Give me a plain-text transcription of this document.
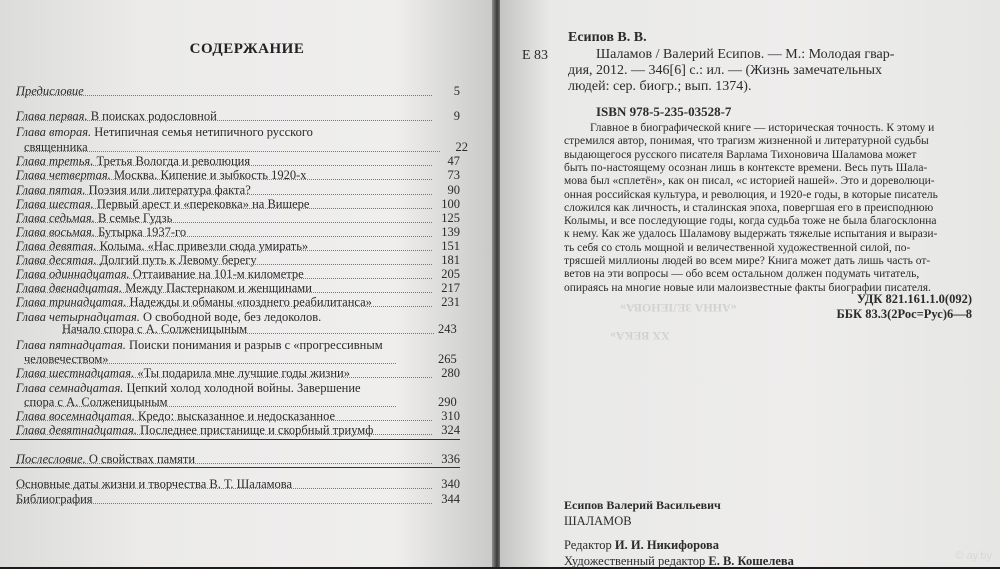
СОДЕРЖАНИЕ
Предисловие	5
Глава первая. В поисках родословной	9
Глава вторая. Нетипичная семья нетипичного русского
священника	22
Глава третья. Третья Вологда и революция	47
Глава четвертая. Москва. Кипение и зыбкость 1920-х	73
Глава пятая. Поэзия или литература факта?	90
Глава шестая. Первый арест и «перековка» на Вишере	100
Глава седьмая. В семье Гудзь	125
Глава восьмая. Бутырка 1937-го	139
Глава девятая. Колыма. «Нас привезли сюда умирать»	151
Глава десятая. Долгий путь к Левому берегу	181
Глава одиннадцатая. Оттаивание на 101-м километре	205
Глава двенадцатая. Между Пастернаком и женщинами	217
Глава тринадцатая. Надежды и обманы «позднего реабилитанса»	231
Глава четырнадцатая. О свободной воде, без ледоколов.
Начало спора с А. Солженицыным	243
Глава пятнадцатая. Поиски понимания и разрыв с «прогрессивным
человечеством»	265
Глава шестнадцатая. «Ты подарила мне лучшие годы жизни»	280
Глава семнадцатая. Цепкий холод холодной войны. Завершение
спора с А. Солженицыным	290
Глава восемнадцатая. Кредо: высказанное и недосказанное	310
Глава девятнадцатая. Последнее пристанище и скорбный триумф	324
Послесловие. О свойствах памяти	336
Основные даты жизни и творчества В. Т. Шаламова	340
Библиография	344
«АННА ЗЕЛЕНОВА»
ХХ ВЕКА»
Е 83
Есипов В. В.
Шаламов / Валерий Есипов. — М.: Молодая гвар-
дия, 2012. — 346[6] с.: ил. — (Жизнь замечательных
людей: сер. биогр.; вып. 1374).
ISBN 978-5-235-03528-7
Главное в биографической книге — историческая точность. К этому и
стремился автор, понимая, что трагизм жизненной и литературной судьбы
выдающегося русского писателя Варлама Тихоновича Шаламова может
быть по-настоящему осознан лишь в контексте времени. Весь путь Шала-
мова был «сплетён», как он писал, «с историей нашей». Это и дореволюци-
онная российская культура, и революция, и 1920-е годы, в которые писатель
сложился как личность, и сталинская эпоха, повергшая его в преисподнюю
Колымы, и все последующие годы, когда судьба тоже не была благосклонна
к нему. Как же удалось Шаламову выдержать тяжелые испытания и вырази-
ть себя со столь мощной и величественной художественной силой, по-
трясшей миллионы людей во всем мире? Книга может дать лишь часть от-
ветов на эти вопросы — обо всем остальном должен подумать читатель,
опираясь на многие новые или малоизвестные факты биографии писателя.
УДК 821.161.1.0(092)
ББК 83.3(2Рос=Рус)6—8
Есипов Валерий Васильевич
ШАЛАМОВ
Редактор И. И. Никифорова
Художественный редактор Е. В. Кошелева	© ay.by
